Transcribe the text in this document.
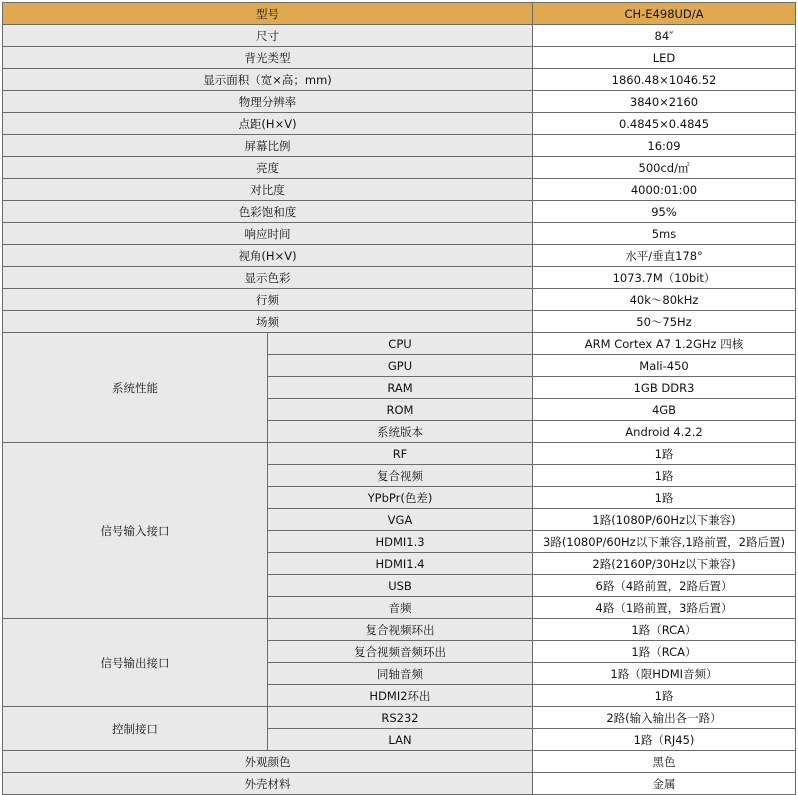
型号		CH-E498UD/A
尺寸		84″
背光类型		LED
显示面积（宽×高；mm)		1860.48×1046.52
物理分辨率		3840×2160
点距(H×V)		0.4845×0.4845
屏幕比例		16:09
亮度		500cd/㎡
对比度		4000:01:00
色彩饱和度		95%
响应时间		5ms
视角(H×V)		水平/垂直178°
显示色彩		1073.7M（10bit）
行频		40k～80kHz
场频		50～75Hz
系统性能	CPU	ARM Cortex A7 1.2GHz 四核
	GPU	Mali-450
	RAM	1GB DDR3
	ROM	4GB
	系统版本	Android 4.2.2
信号输入接口	RF	1路
	复合视频	1路
	YPbPr(色差)	1路
	VGA	1路(1080P/60Hz以下兼容)
	HDMI1.3	3路(1080P/60Hz以下兼容,1路前置，2路后置)
	HDMI1.4	2路(2160P/30Hz以下兼容)
	USB	6路（4路前置，2路后置）
	音频	4路（1路前置，3路后置）
信号输出接口	复合视频环出	1路（RCA）
	复合视频音频环出	1路（RCA）
	同轴音频	1路（限HDMI音频）
	HDMI2环出	1路
控制接口	RS232	2路(输入输出各一路）
	LAN	1路（RJ45)
外观颜色		黑色
外壳材料		金属
